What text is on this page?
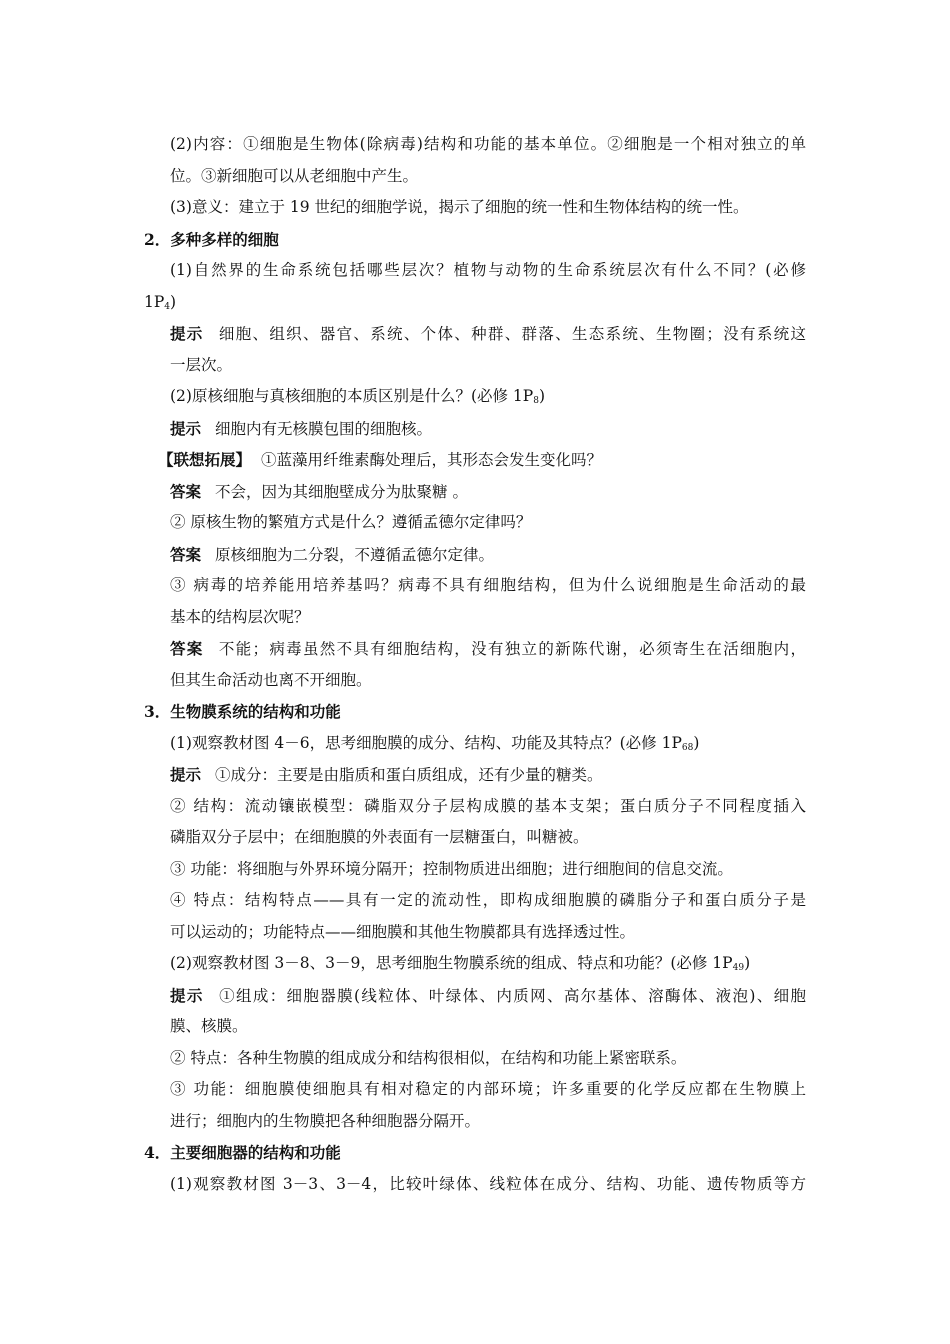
(2)内容：①细胞是生物体(除病毒)结构和功能的基本单位。②细胞是一个相对独立的单
位。③新细胞可以从老细胞中产生。
(3)意义：建立于 19 世纪的细胞学说，揭示了细胞的统一性和生物体结构的统一性。
2．多种多样的细胞
(1)自然界的生命系统包括哪些层次？植物与动物的生命系统层次有什么不同？(必修
$1P_4$)
提示 细胞、组织、器官、系统、个体、种群、群落、生态系统、生物圈；没有系统这
一层次。
(2)原核细胞与真核细胞的本质区别是什么？(必修 $1P_8$)
提示 细胞内有无核膜包围的细胞核。
【联想拓展】 ①蓝藻用纤维素酶处理后，其形态会发生变化吗？
答案 不会，因为其细胞壁成分为肽聚糖 。
② 原核生物的繁殖方式是什么？遵循孟德尔定律吗？
答案 原核细胞为二分裂，不遵循孟德尔定律。
③ 病毒的培养能用培养基吗？病毒不具有细胞结构，但为什么说细胞是生命活动的最
基本的结构层次呢？
答案 不能；病毒虽然不具有细胞结构，没有独立的新陈代谢，必须寄生在活细胞内，
但其生命活动也离不开细胞。
3．生物膜系统的结构和功能
(1)观察教材图 4－6，思考细胞膜的成分、结构、功能及其特点？(必修 $1P_{68}$)
提示 ①成分：主要是由脂质和蛋白质组成，还有少量的糖类。
② 结构：流动镶嵌模型：磷脂双分子层构成膜的基本支架；蛋白质分子不同程度插入
磷脂双分子层中；在细胞膜的外表面有一层糖蛋白，叫糖被。
③ 功能：将细胞与外界环境分隔开；控制物质进出细胞；进行细胞间的信息交流。
④ 特点：结构特点——具有一定的流动性，即构成细胞膜的磷脂分子和蛋白质分子是
可以运动的；功能特点——细胞膜和其他生物膜都具有选择透过性。
(2)观察教材图 3－8、3－9，思考细胞生物膜系统的组成、特点和功能？(必修 $1P_{49}$)
提示 ①组成：细胞器膜(线粒体、叶绿体、内质网、高尔基体、溶酶体、液泡)、细胞
膜、核膜。
② 特点：各种生物膜的组成成分和结构很相似，在结构和功能上紧密联系。
③ 功能：细胞膜使细胞具有相对稳定的内部环境；许多重要的化学反应都在生物膜上
进行；细胞内的生物膜把各种细胞器分隔开。
4．主要细胞器的结构和功能
(1)观察教材图 3－3、3－4，比较叶绿体、线粒体在成分、结构、功能、遗传物质等方
